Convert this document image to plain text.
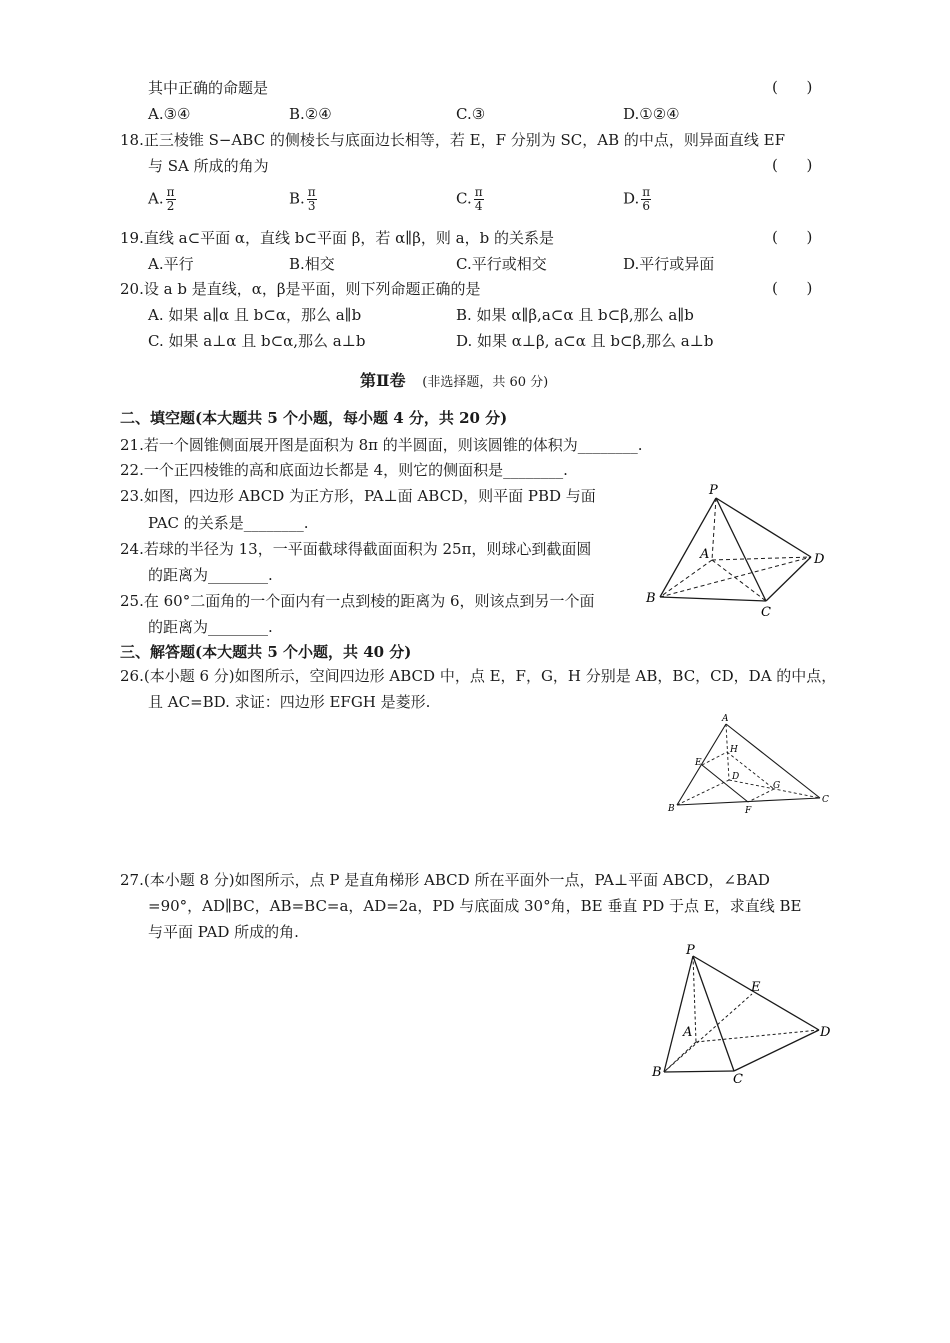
其中正确的命题是	(      )
A.③④	B.②④	C.③	D.①②④
18.正三棱锥 S−ABC 的侧棱长与底面边长相等，若 E，F 分别为 SC，AB 的中点，则异面直线 EF
与 SA 所成的角为	(      )
A. $\frac{\pi}{2}$	B. $\frac{\pi}{3}$	C. $\frac{\pi}{4}$	D. $\frac{\pi}{6}$
19.直线 a⊂平面 α，直线 b⊂平面 β，若 α∥β，则 a，b 的关系是	(      )
A.平行	B.相交	C.平行或相交	D.平行或异面
20.设 a b 是直线，α，β是平面，则下列命题正确的是	(      )
A. 如果 a∥α 且 b⊂α，那么 a∥b	B. 如果 α∥β,a⊂α 且 b⊂β,那么 a∥b
C. 如果 a⊥α 且 b⊂α,那么 a⊥b	D. 如果 α⊥β, a⊂α 且 b⊂β,那么 a⊥b
第Ⅱ卷 (非选择题，共 60 分)
二、填空题(本大题共 5 个小题，每小题 4 分，共 20 分)
21.若一个圆锥侧面展开图是面积为 8π 的半圆面，则该圆锥的体积为________.
22.一个正四棱锥的高和底面边长都是 4，则它的侧面积是________.
23.如图，四边形 ABCD 为正方形，PA⊥面 ABCD，则平面 PBD 与面
PAC 的关系是________.
24.若球的半径为 13，一平面截球得截面面积为 25π，则球心到截面圆
的距离为________.
25.在 60°二面角的一个面内有一点到棱的距离为 6，则该点到另一个面
的距离为________.
P
A
B
C
D
三、解答题(本大题共 5 个小题，共 40 分)
26.(本小题 6 分)如图所示，空间四边形 ABCD 中，点 E，F，G，H 分别是 AB，BC，CD，DA 的中点，
且 AC=BD. 求证：四边形 EFGH 是菱形.
A
B
C
D
E
F
G
H
27.(本小题 8 分)如图所示，点 P 是直角梯形 ABCD 所在平面外一点，PA⊥平面 ABCD，∠BAD
=90°，AD∥BC，AB=BC=a，AD=2a，PD 与底面成 30°角，BE 垂直 PD 于点 E，求直线 BE
与平面 PAD 所成的角.
P
A
B	C
D
E
